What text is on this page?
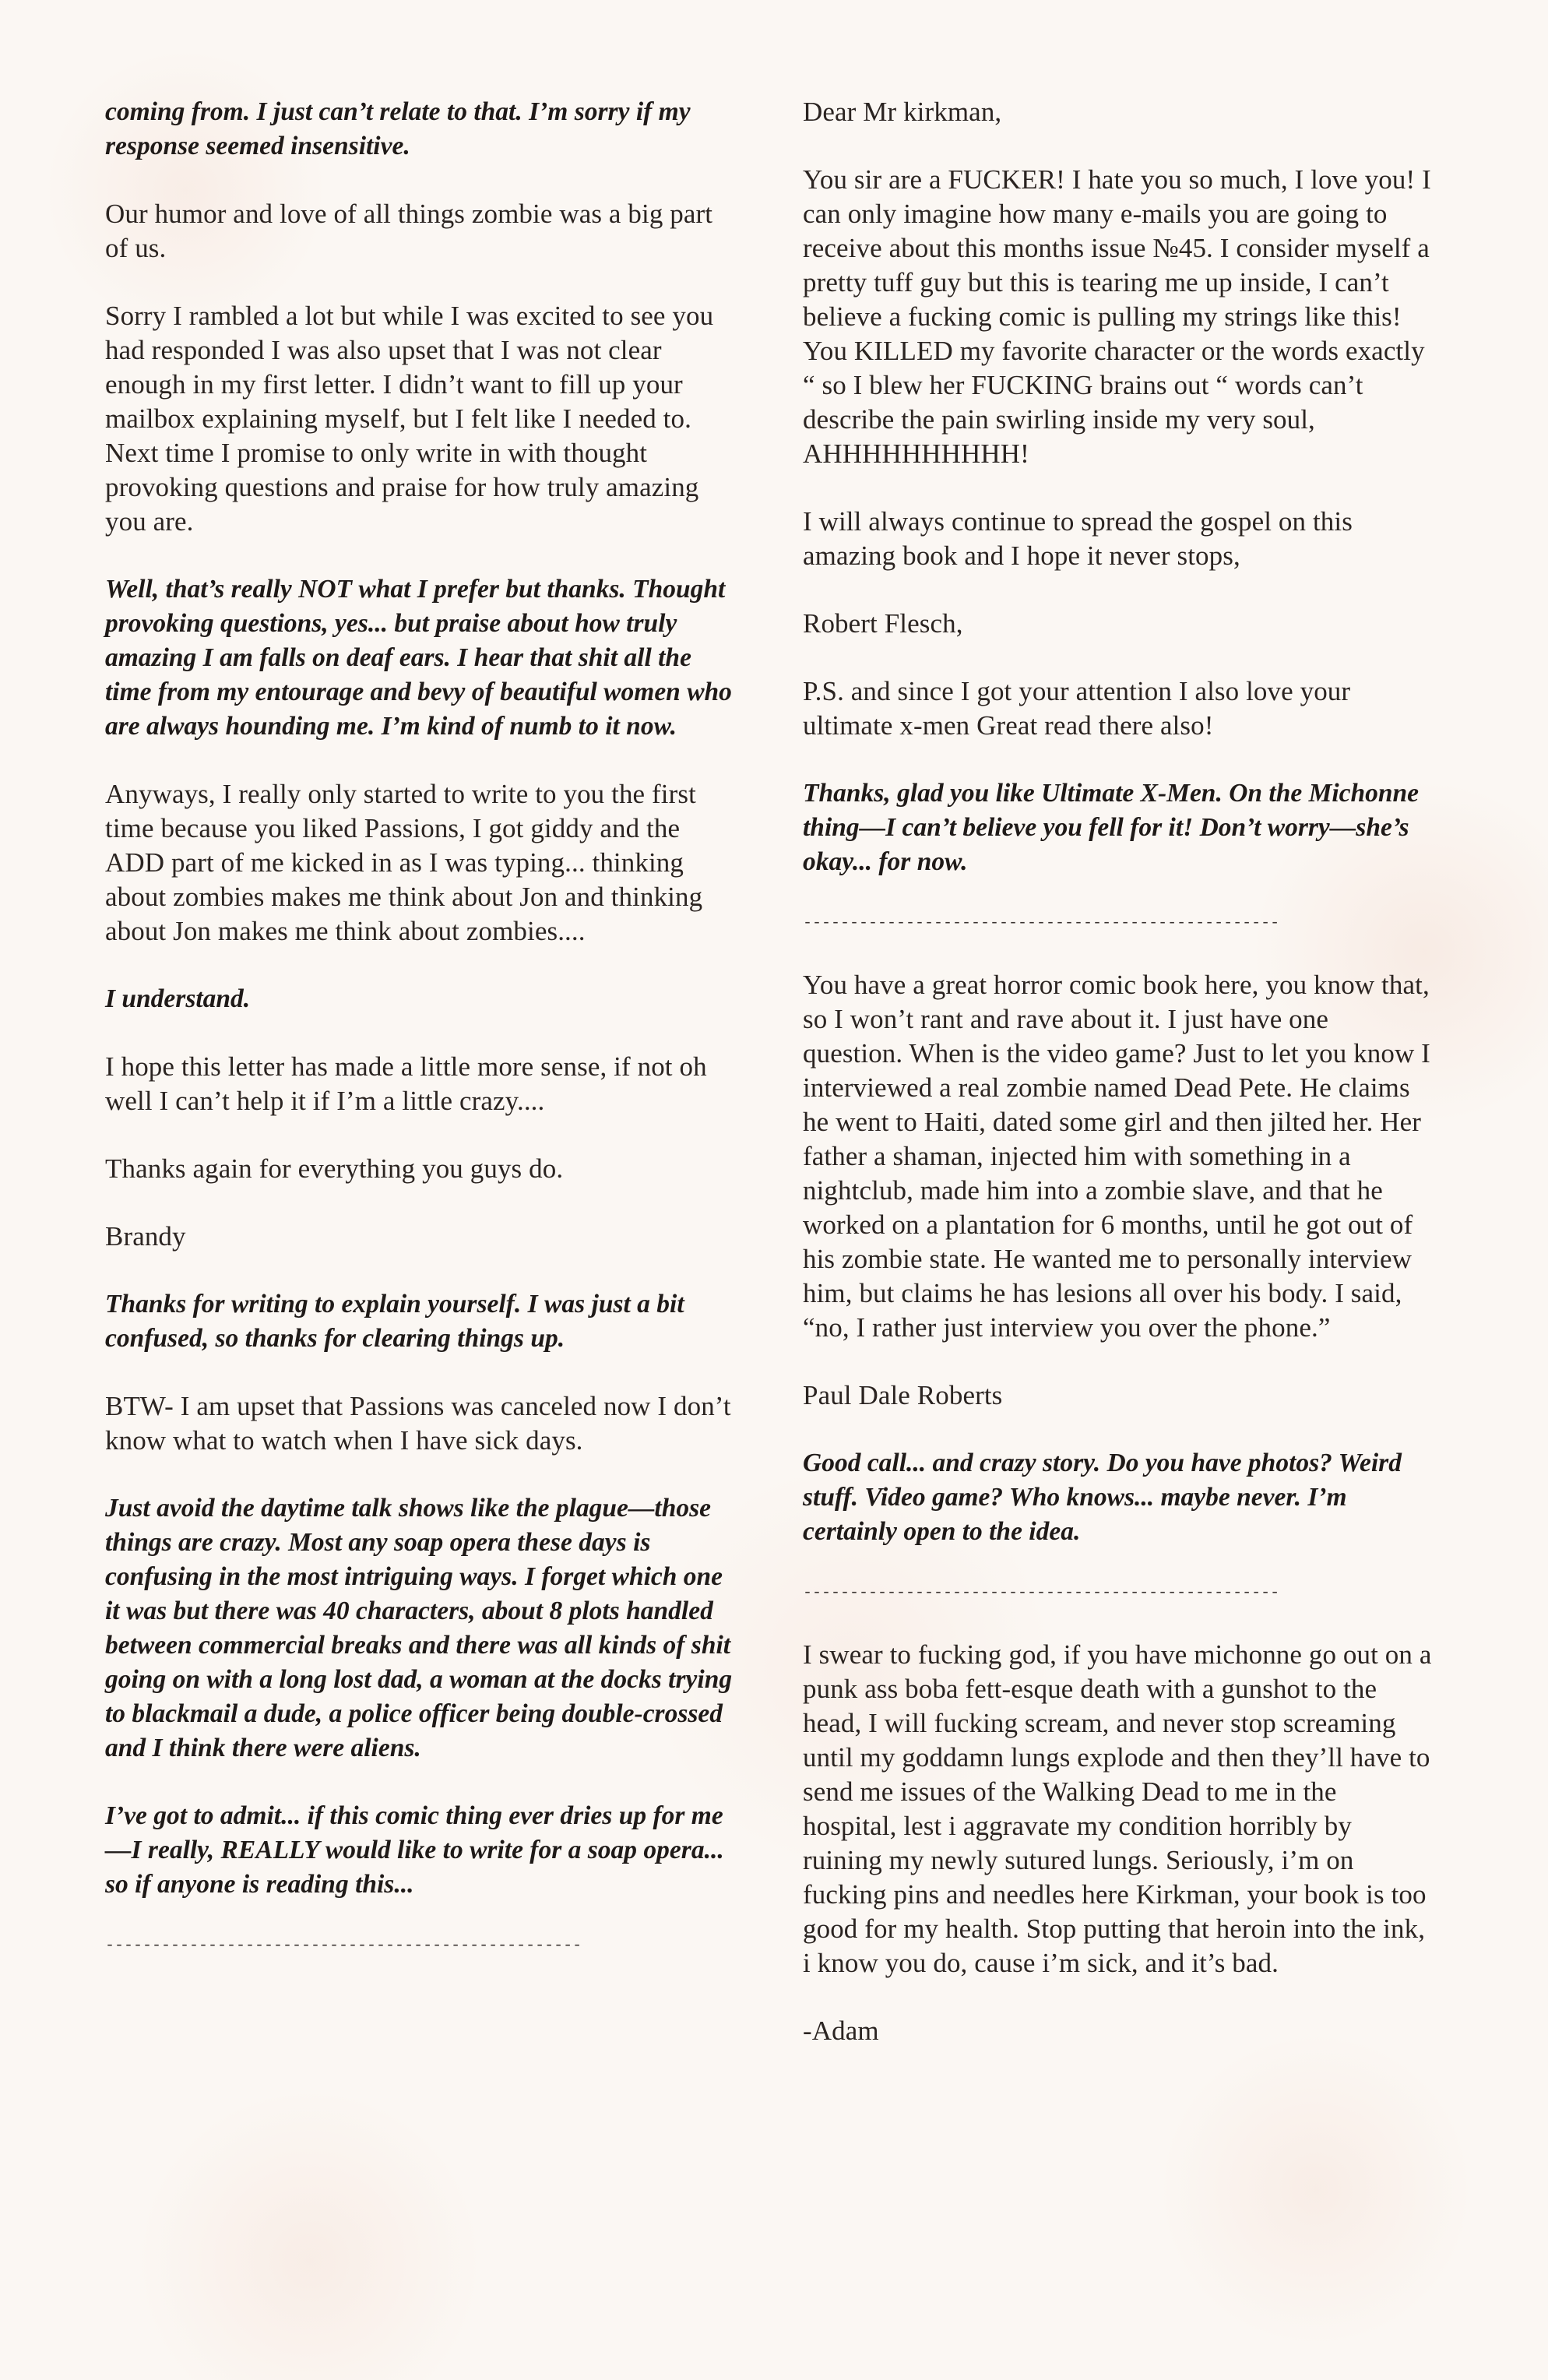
coming from. I just can’t relate to that. I’m sorry if my response seemed insensitive.

Our humor and love of all things zombie was a big part of us.

Sorry I rambled a lot but while I was excited to see you had responded I was also upset that I was not clear enough in my first letter. I didn’t want to fill up your mailbox explaining myself, but I felt like I needed to. Next time I promise to only write in with thought provoking questions and praise for how truly amazing you are.

Well, that’s really NOT what I prefer but thanks. Thought provoking questions, yes... but praise about how truly amazing I am falls on deaf ears. I hear that shit all the time from my entourage and bevy of beautiful women who are always hounding me. I’m kind of numb to it now.

Anyways, I really only started to write to you the first time because you liked Passions, I got giddy and the ADD part of me kicked in as I was typing... thinking about zombies makes me think about Jon and thinking about Jon makes me think about zombies....

I understand.

I hope this letter has made a little more sense, if not oh well I can’t help it if I’m a little crazy....

Thanks again for everything you guys do.

Brandy

Thanks for writing to explain yourself. I was just a bit confused, so thanks for clearing things up.

BTW- I am upset that Passions was canceled now I don’t know what to watch when I have sick days.

Just avoid the daytime talk shows like the plague—those things are crazy. Most any soap opera these days is confusing in the most intriguing ways. I forget which one it was but there was 40 characters, about 8 plots handled between commercial breaks and there was all kinds of shit going on with a long lost dad, a woman at the docks trying to blackmail a dude, a police officer being double-crossed and I think there were aliens.

I’ve got to admit... if this comic thing ever dries up for me—I really, REALLY would like to write for a soap opera... so if anyone is reading this...

---------------------------------------------------

Dear Mr kirkman,

You sir are a FUCKER! I hate you so much, I love you! I can only imagine how many e-mails you are going to receive about this months issue №45. I consider myself a pretty tuff guy but this is tearing me up inside, I can’t believe a fucking comic is pulling my strings like this! You KILLED my favorite character or the words exactly “ so I blew her FUCKING brains out “ words can’t describe the pain swirling inside my very soul, AHHHHHHHHHH!

I will always continue to spread the gospel on this amazing book and I hope it never stops,

Robert Flesch,

P.S. and since I got your attention I also love your ultimate x-men Great read there also!

Thanks, glad you like Ultimate X-Men. On the Michonne thing—I can’t believe you fell for it! Don’t worry—she’s okay... for now.

---------------------------------------------------

You have a great horror comic book here, you know that, so I won’t rant and rave about it. I just have one question. When is the video game? Just to let you know I interviewed a real zombie named Dead Pete. He claims he went to Haiti, dated some girl and then jilted her. Her father a shaman, injected him with something in a nightclub, made him into a zombie slave, and that he worked on a plantation for 6 months, until he got out of his zombie state. He wanted me to personally interview him, but claims he has lesions all over his body. I said, “no, I rather just interview you over the phone.”

Paul Dale Roberts

Good call... and crazy story. Do you have photos? Weird stuff. Video game? Who knows... maybe never. I’m certainly open to the idea.

---------------------------------------------------

I swear to fucking god, if you have michonne go out on a punk ass boba fett-esque death with a gunshot to the head, I will fucking scream, and never stop screaming until my goddamn lungs explode and then they’ll have to send me issues of the Walking Dead to me in the hospital, lest i aggravate my condition horribly by ruining my newly sutured lungs. Seriously, i’m on fucking pins and needles here Kirkman, your book is too good for my health. Stop putting that heroin into the ink, i know you do, cause i’m sick, and it’s bad.

-Adam
